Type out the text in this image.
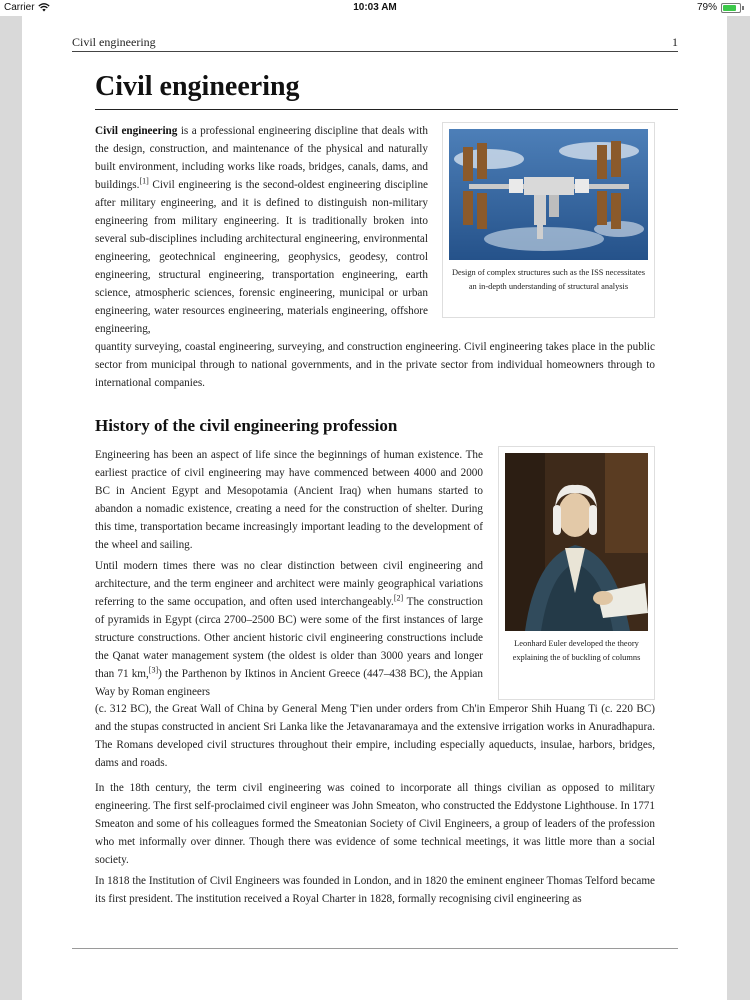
Carrier	10:03 AM	79%
Civil engineering	1
Civil engineering

Civil engineering is a professional engineering discipline that deals with the design, construction, and maintenance of the physical and naturally built environment, including works like roads, bridges, canals, dams, and buildings.[1] Civil engineering is the second-oldest engineering discipline after military engineering, and it is defined to distinguish non-military engineering from military engineering. It is traditionally broken into several sub-disciplines including architectural engineering, environmental engineering, geotechnical engineering, geophysics, geodesy, control engineering, structural engineering, transportation engineering, earth science, atmospheric sciences, forensic engineering, municipal or urban engineering, water resources engineering, materials engineering, offshore engineering,

Design of complex structures such as the ISS necessitates an in-depth understanding of structural analysis

quantity surveying, coastal engineering, surveying, and construction engineering. Civil engineering takes place in the public sector from municipal through to national governments, and in the private sector from individual homeowners through to international companies.

History of the civil engineering profession

Engineering has been an aspect of life since the beginnings of human existence. The earliest practice of civil engineering may have commenced between 4000 and 2000 BC in Ancient Egypt and Mesopotamia (Ancient Iraq) when humans started to abandon a nomadic existence, creating a need for the construction of shelter. During this time, transportation became increasingly important leading to the development of the wheel and sailing.

Leonhard Euler developed the theory explaining the of buckling of columns

Until modern times there was no clear distinction between civil engineering and architecture, and the term engineer and architect were mainly geographical variations referring to the same occupation, and often used interchangeably.[2] The construction of pyramids in Egypt (circa 2700–2500 BC) were some of the first instances of large structure constructions. Other ancient historic civil engineering constructions include the Qanat water management system (the oldest is older than 3000 years and longer than 71 km,[3]) the Parthenon by Iktinos in Ancient Greece (447–438 BC), the Appian Way by Roman engineers

(c. 312 BC), the Great Wall of China by General Meng T'ien under orders from Ch'in Emperor Shih Huang Ti (c. 220 BC) and the stupas constructed in ancient Sri Lanka like the Jetavanaramaya and the extensive irrigation works in Anuradhapura. The Romans developed civil structures throughout their empire, including especially aqueducts, insulae, harbors, bridges, dams and roads.

In the 18th century, the term civil engineering was coined to incorporate all things civilian as opposed to military engineering. The first self-proclaimed civil engineer was John Smeaton, who constructed the Eddystone Lighthouse. In 1771 Smeaton and some of his colleagues formed the Smeatonian Society of Civil Engineers, a group of leaders of the profession who met informally over dinner. Though there was evidence of some technical meetings, it was little more than a social society.

In 1818 the Institution of Civil Engineers was founded in London, and in 1820 the eminent engineer Thomas Telford became its first president. The institution received a Royal Charter in 1828, formally recognising civil engineering as
